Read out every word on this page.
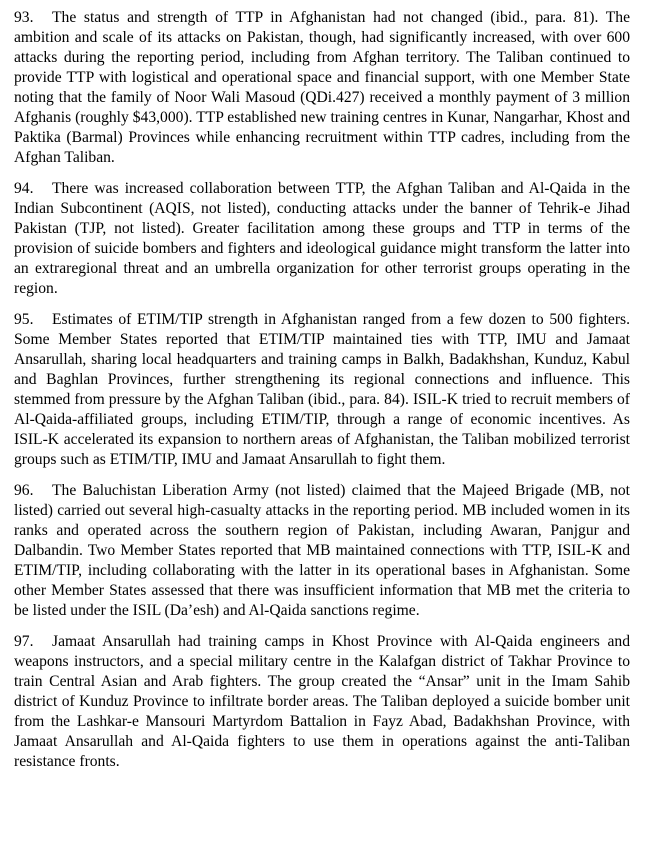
93. The status and strength of TTP in Afghanistan had not changed (ibid., para. 81). The ambition and scale of its attacks on Pakistan, though, had significantly increased, with over 600 attacks during the reporting period, including from Afghan territory. The Taliban continued to provide TTP with logistical and operational space and financial support, with one Member State noting that the family of Noor Wali Masoud (QDi.427) received a monthly payment of 3 million Afghanis (roughly $43,000). TTP established new training centres in Kunar, Nangarhar, Khost and Paktika (Barmal) Provinces while enhancing recruitment within TTP cadres, including from the Afghan Taliban.

94. There was increased collaboration between TTP, the Afghan Taliban and Al-Qaida in the Indian Subcontinent (AQIS, not listed), conducting attacks under the banner of Tehrik-e Jihad Pakistan (TJP, not listed). Greater facilitation among these groups and TTP in terms of the provision of suicide bombers and fighters and ideological guidance might transform the latter into an extraregional threat and an umbrella organization for other terrorist groups operating in the region.

95. Estimates of ETIM/TIP strength in Afghanistan ranged from a few dozen to 500 fighters. Some Member States reported that ETIM/TIP maintained ties with TTP, IMU and Jamaat Ansarullah, sharing local headquarters and training camps in Balkh, Badakhshan, Kunduz, Kabul and Baghlan Provinces, further strengthening its regional connections and influence. This stemmed from pressure by the Afghan Taliban (ibid., para. 84). ISIL-K tried to recruit members of Al-Qaida-affiliated groups, including ETIM/TIP, through a range of economic incentives. As ISIL-K accelerated its expansion to northern areas of Afghanistan, the Taliban mobilized terrorist groups such as ETIM/TIP, IMU and Jamaat Ansarullah to fight them.

96. The Baluchistan Liberation Army (not listed) claimed that the Majeed Brigade (MB, not listed) carried out several high-casualty attacks in the reporting period. MB included women in its ranks and operated across the southern region of Pakistan, including Awaran, Panjgur and Dalbandin. Two Member States reported that MB maintained connections with TTP, ISIL-K and ETIM/TIP, including collaborating with the latter in its operational bases in Afghanistan. Some other Member States assessed that there was insufficient information that MB met the criteria to be listed under the ISIL (Da’esh) and Al-Qaida sanctions regime.

97. Jamaat Ansarullah had training camps in Khost Province with Al-Qaida engineers and weapons instructors, and a special military centre in the Kalafgan district of Takhar Province to train Central Asian and Arab fighters. The group created the “Ansar” unit in the Imam Sahib district of Kunduz Province to infiltrate border areas. The Taliban deployed a suicide bomber unit from the Lashkar-e Mansouri Martyrdom Battalion in Fayz Abad, Badakhshan Province, with Jamaat Ansarullah and Al-Qaida fighters to use them in operations against the anti-Taliban resistance fronts.
